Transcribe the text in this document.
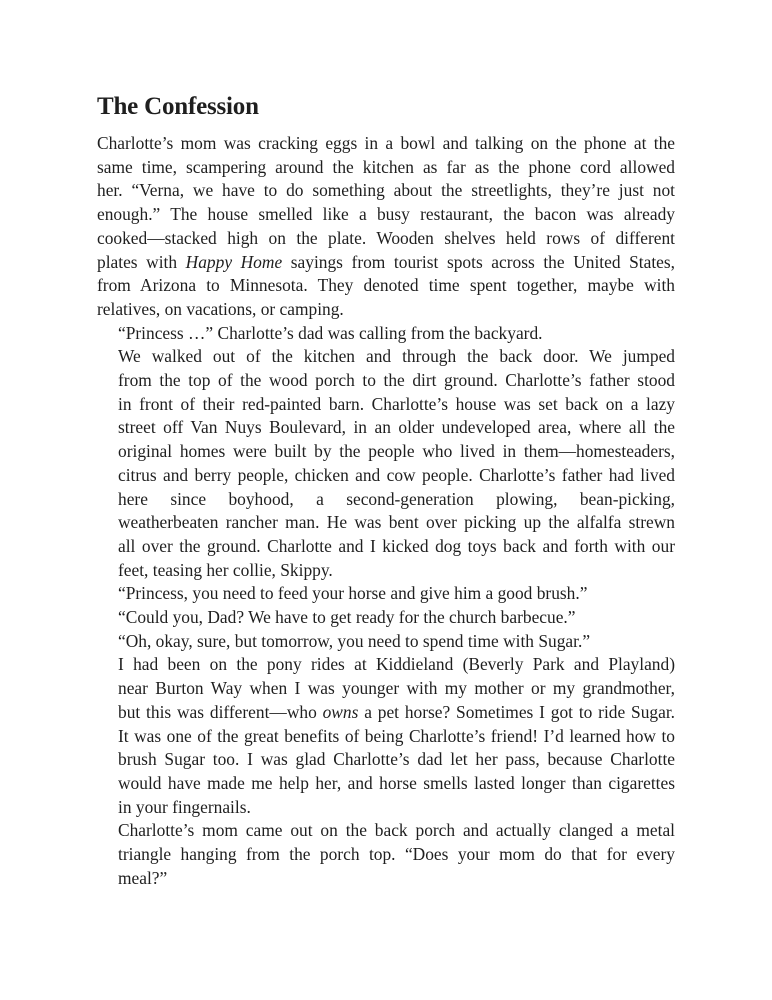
The Confession

Charlotte’s mom was cracking eggs in a bowl and talking on the phone at the
same time, scampering around the kitchen as far as the phone cord allowed
her. “Verna, we have to do something about the streetlights, they’re just not
enough.” The house smelled like a busy restaurant, the bacon was already
cooked—stacked high on the plate. Wooden shelves held rows of different
plates with Happy Home sayings from tourist spots across the United States,
from Arizona to Minnesota. They denoted time spent together, maybe with
relatives, on vacations, or camping.

“Princess …” Charlotte’s dad was calling from the backyard.

We walked out of the kitchen and through the back door. We jumped
from the top of the wood porch to the dirt ground. Charlotte’s father stood
in front of their red-painted barn. Charlotte’s house was set back on a lazy
street off Van Nuys Boulevard, in an older undeveloped area, where all the
original homes were built by the people who lived in them—homesteaders,
citrus and berry people, chicken and cow people. Charlotte’s father had lived
here since boyhood, a second-generation plowing, bean-picking,
weatherbeaten rancher man. He was bent over picking up the alfalfa strewn
all over the ground. Charlotte and I kicked dog toys back and forth with our
feet, teasing her collie, Skippy.

“Princess, you need to feed your horse and give him a good brush.”

“Could you, Dad? We have to get ready for the church barbecue.”

“Oh, okay, sure, but tomorrow, you need to spend time with Sugar.”

I had been on the pony rides at Kiddieland (Beverly Park and Playland)
near Burton Way when I was younger with my mother or my grandmother,
but this was different—who owns a pet horse? Sometimes I got to ride Sugar.
It was one of the great benefits of being Charlotte’s friend! I’d learned how to
brush Sugar too. I was glad Charlotte’s dad let her pass, because Charlotte
would have made me help her, and horse smells lasted longer than cigarettes
in your fingernails.

Charlotte’s mom came out on the back porch and actually clanged a metal
triangle hanging from the porch top. “Does your mom do that for every
meal?”
